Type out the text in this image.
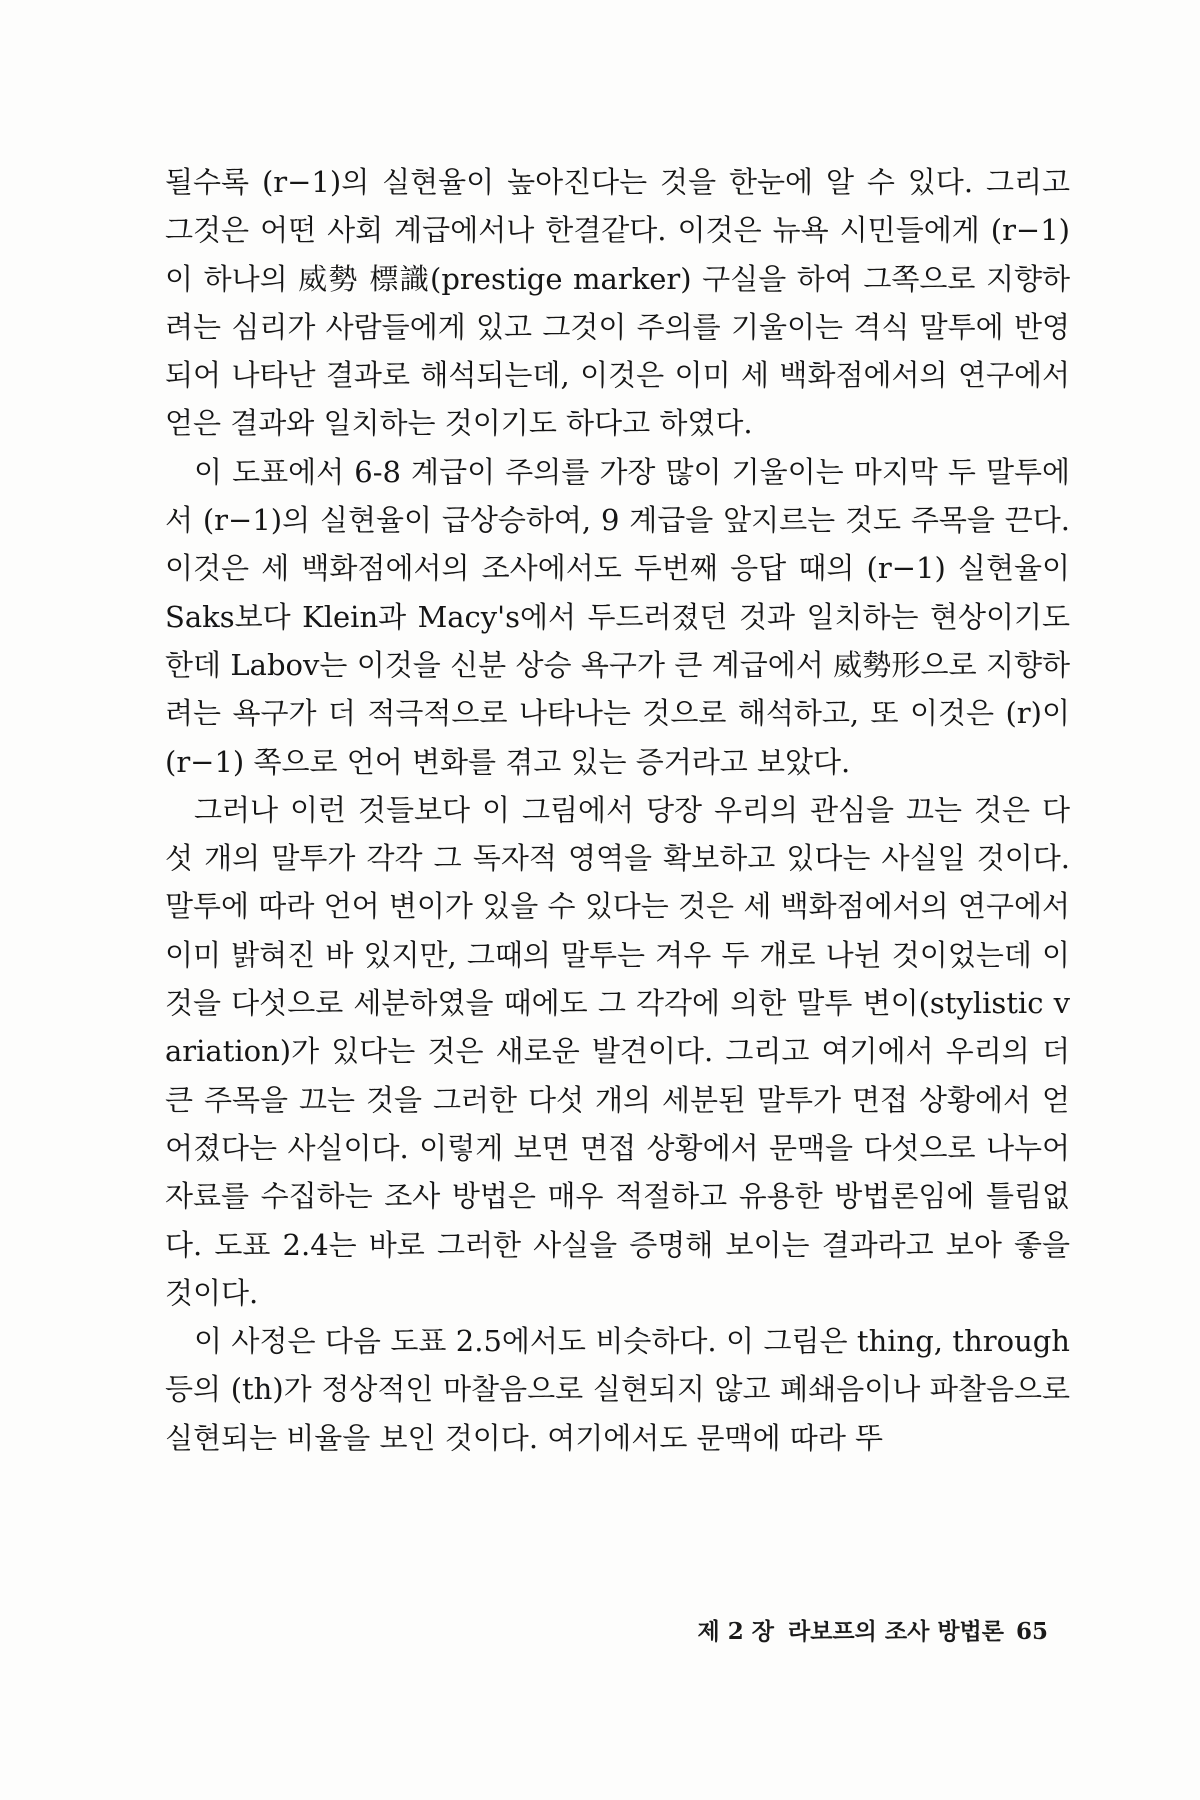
될수록 (r−1)의 실현율이 높아진다는 것을 한눈에 알 수 있다. 그리고 그것은 어떤 사회 계급에서나 한결같다. 이것은 뉴욕 시민들에게 (r−1)이 하나의 威勢 標識(prestige marker) 구실을 하여 그쪽으로 지향하려는 심리가 사람들에게 있고 그것이 주의를 기울이는 격식 말투에 반영되어 나타난 결과로 해석되는데, 이것은 이미 세 백화점에서의 연구에서 얻은 결과와 일치하는 것이기도 하다고 하였다.

이 도표에서 6-8 계급이 주의를 가장 많이 기울이는 마지막 두 말투에서 (r−1)의 실현율이 급상승하여, 9 계급을 앞지르는 것도 주목을 끈다. 이것은 세 백화점에서의 조사에서도 두번째 응답 때의 (r−1) 실현율이 Saks보다 Klein과 Macy's에서 두드러졌던 것과 일치하는 현상이기도 한데 Labov는 이것을 신분 상승 욕구가 큰 계급에서 威勢形으로 지향하려는 욕구가 더 적극적으로 나타나는 것으로 해석하고, 또 이것은 (r)이 (r−1) 쪽으로 언어 변화를 겪고 있는 증거라고 보았다.

그러나 이런 것들보다 이 그림에서 당장 우리의 관심을 끄는 것은 다섯 개의 말투가 각각 그 독자적 영역을 확보하고 있다는 사실일 것이다. 말투에 따라 언어 변이가 있을 수 있다는 것은 세 백화점에서의 연구에서 이미 밝혀진 바 있지만, 그때의 말투는 겨우 두 개로 나뉜 것이었는데 이것을 다섯으로 세분하였을 때에도 그 각각에 의한 말투 변이(stylistic variation)가 있다는 것은 새로운 발견이다. 그리고 여기에서 우리의 더 큰 주목을 끄는 것을 그러한 다섯 개의 세분된 말투가 면접 상황에서 얻어졌다는 사실이다. 이렇게 보면 면접 상황에서 문맥을 다섯으로 나누어 자료를 수집하는 조사 방법은 매우 적절하고 유용한 방법론임에 틀림없다. 도표 2.4는 바로 그러한 사실을 증명해 보이는 결과라고 보아 좋을 것이다.

이 사정은 다음 도표 2.5에서도 비슷하다. 이 그림은 thing, through 등의 (th)가 정상적인 마찰음으로 실현되지 않고 폐쇄음이나 파찰음으로 실현되는 비율을 보인 것이다. 여기에서도 문맥에 따라 뚜

제 2 장 라보프의 조사 방법론 65
